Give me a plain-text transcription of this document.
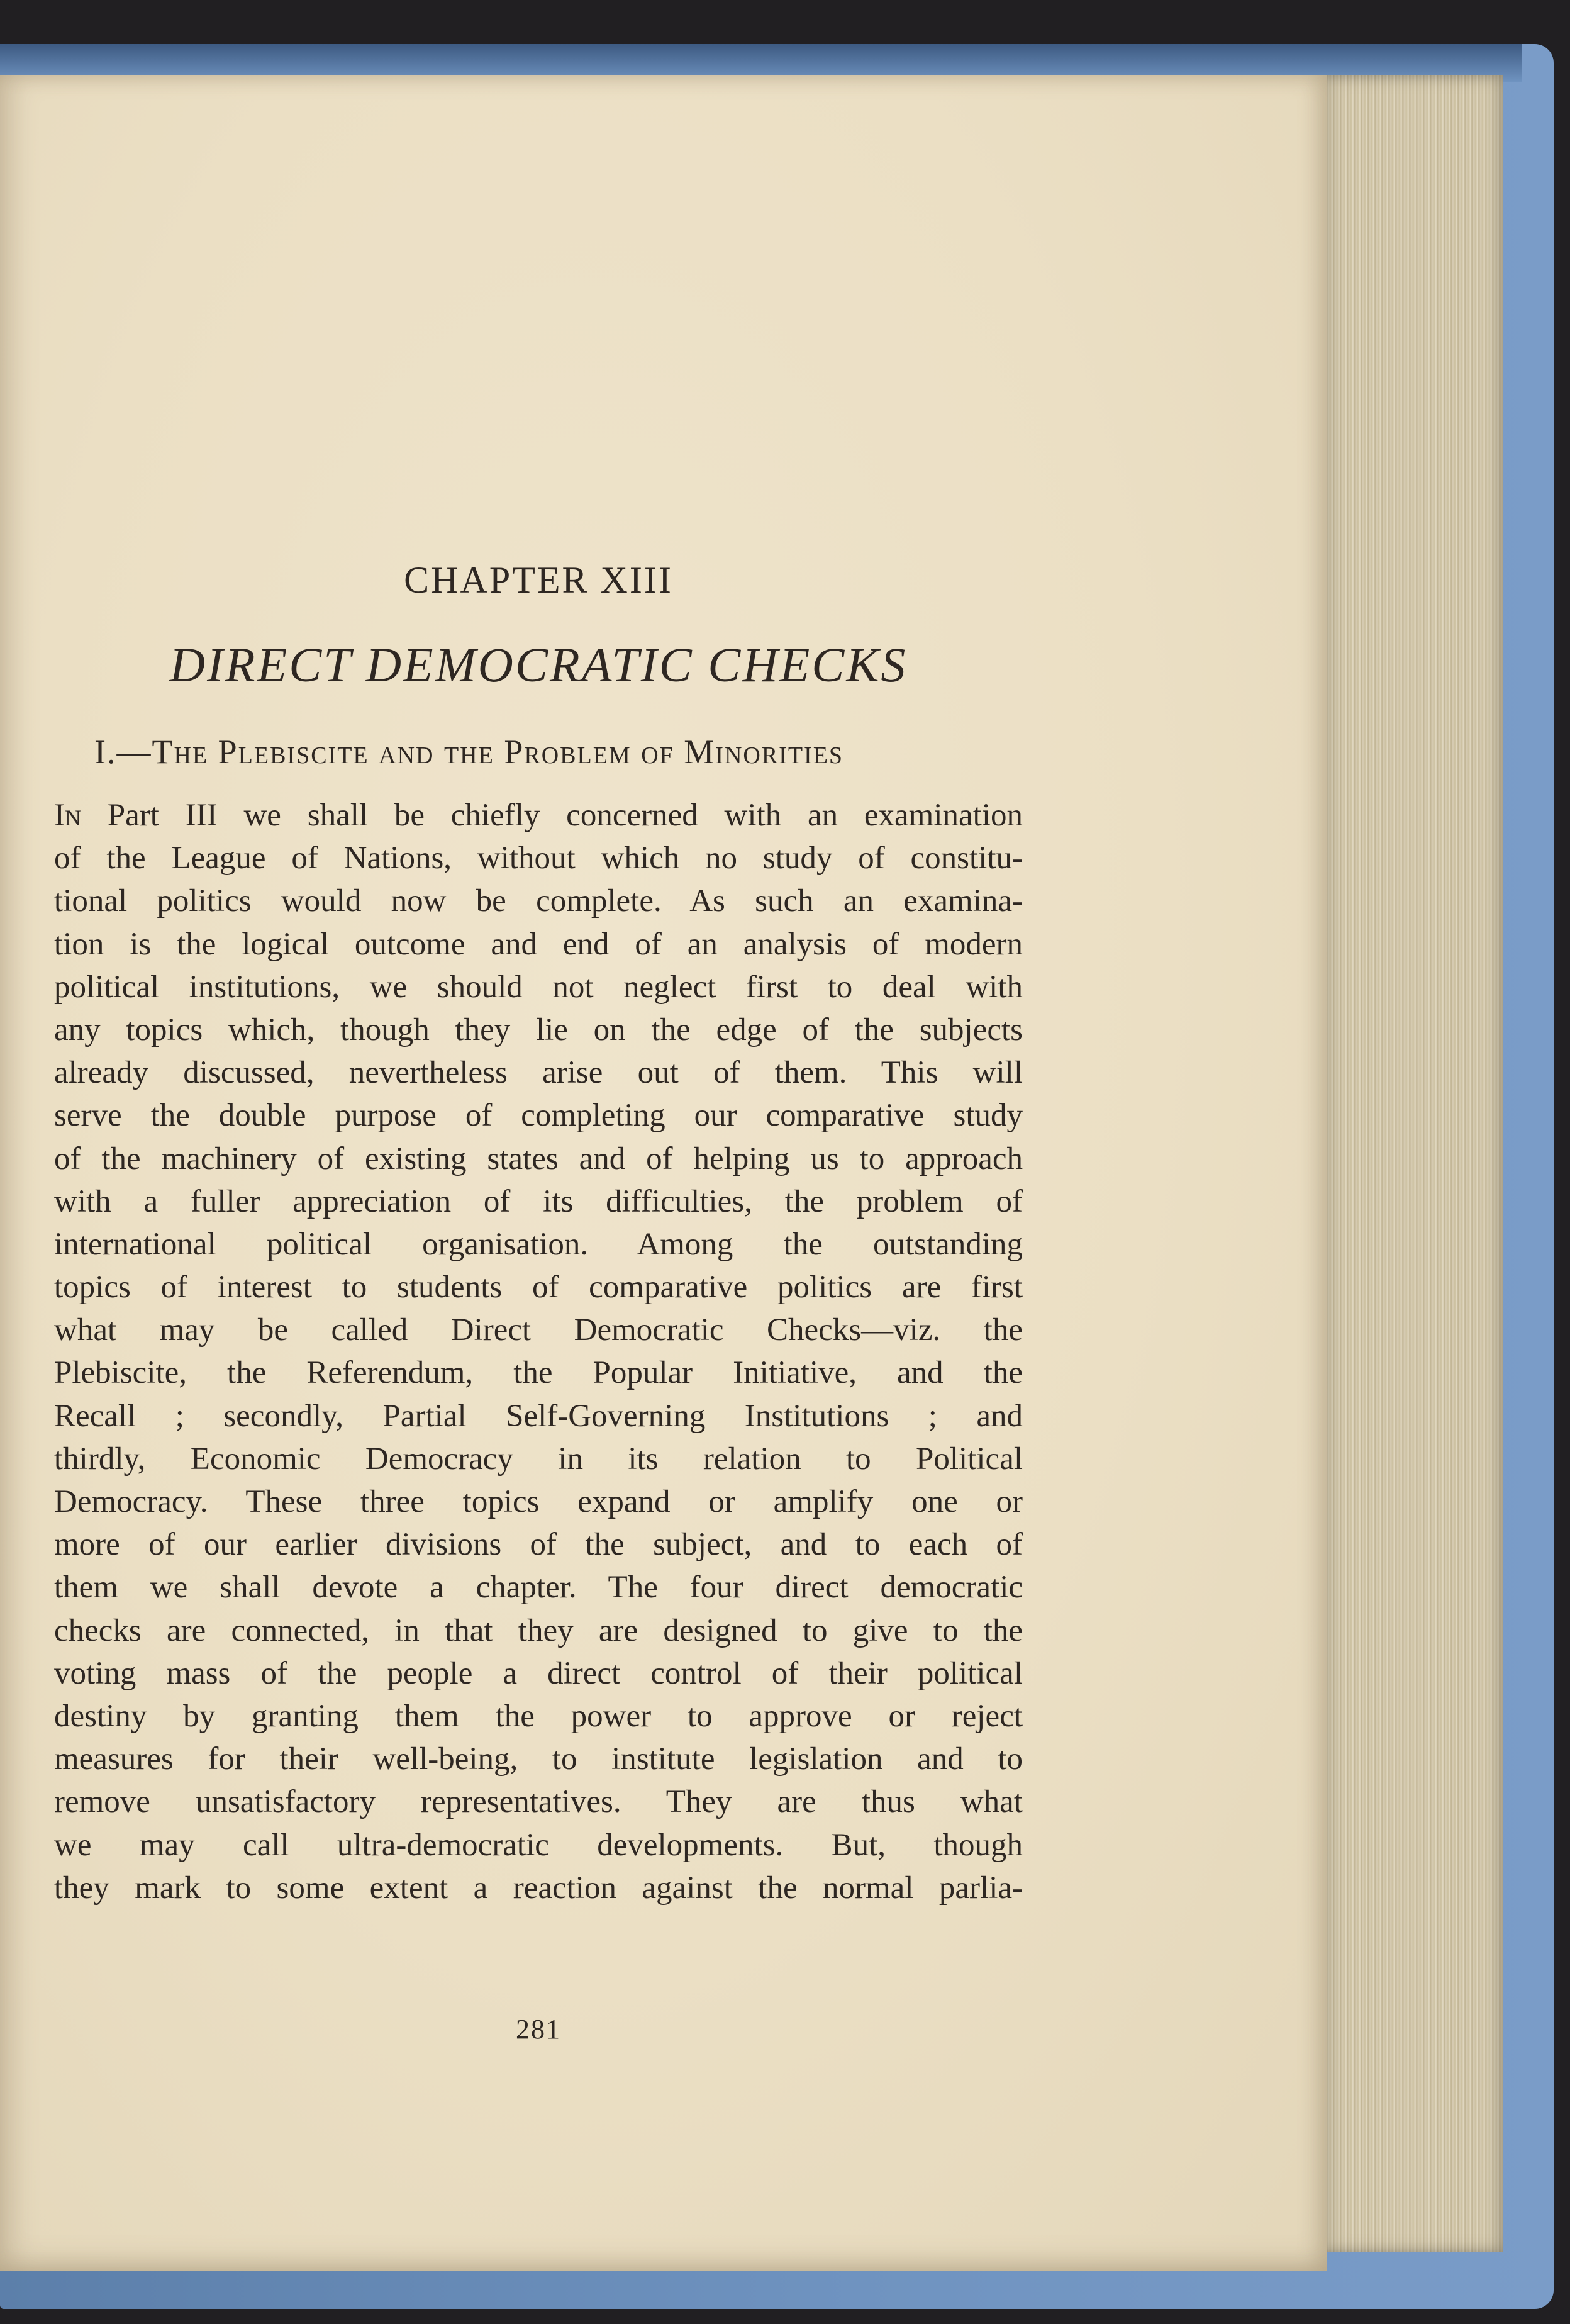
CHAPTER XIII
DIRECT DEMOCRATIC CHECKS
I.—The Plebiscite and the Problem of Minorities
In Part III we shall be chiefly concerned with an examination
of the League of Nations, without which no study of constitu-
tional politics would now be complete. As such an examina-
tion is the logical outcome and end of an analysis of modern
political institutions, we should not neglect first to deal with
any topics which, though they lie on the edge of the subjects
already discussed, nevertheless arise out of them. This will
serve the double purpose of completing our comparative study
of the machinery of existing states and of helping us to approach
with a fuller appreciation of its difficulties, the problem of
international political organisation. Among the outstanding
topics of interest to students of comparative politics are first
what may be called Direct Democratic Checks—viz. the
Plebiscite, the Referendum, the Popular Initiative, and the
Recall ; secondly, Partial Self-Governing Institutions ; and
thirdly, Economic Democracy in its relation to Political
Democracy. These three topics expand or amplify one or
more of our earlier divisions of the subject, and to each of
them we shall devote a chapter. The four direct democratic
checks are connected, in that they are designed to give to the
voting mass of the people a direct control of their political
destiny by granting them the power to approve or reject
measures for their well-being, to institute legislation and to
remove unsatisfactory representatives. They are thus what
we may call ultra-democratic developments. But, though
they mark to some extent a reaction against the normal parlia-
281
